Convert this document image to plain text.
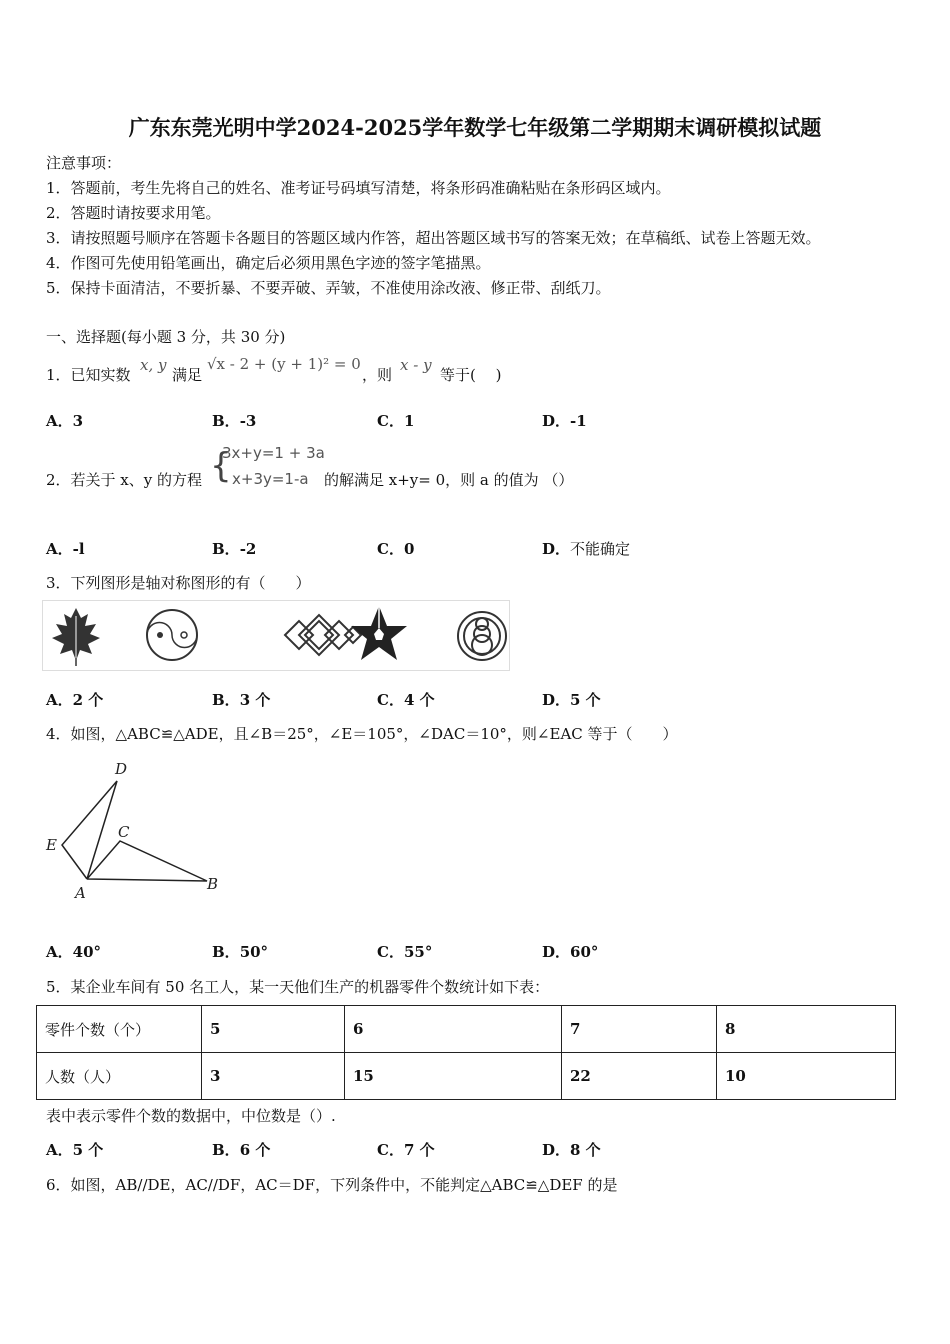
广东东莞光明中学2024-2025学年数学七年级第二学期期末调研模拟试题
注意事项：
1．答题前，考生先将自己的姓名、准考证号码填写清楚，将条形码准确粘贴在条形码区域内。
2．答题时请按要求用笔。
3．请按照题号顺序在答题卡各题目的答题区域内作答，超出答题区域书写的答案无效；在草稿纸、试卷上答题无效。
4．作图可先使用铅笔画出，确定后必须用黑色字迹的签字笔描黑。
5．保持卡面清洁，不要折暴、不要弄破、弄皱，不准使用涂改液、修正带、刮纸刀。
一、选择题(每小题 3 分，共 30 分)
1．已知实数
x, y
满足
√x - 2 + (y + 1)² = 0
，则
x - y
等于(　 )
A．3	B．-3	C．1	D．-1
2．若关于 x、y 的方程 {
3x+y=1 + 3a
x+3y=1-a 的解满足 x+y= 0，则 a 的值为 （）
A．-l	B．-2	C．0	D．不能确定
3．下列图形是轴对称图形的有（　　）
A．2 个	B．3 个	C．4 个	D．5 个
4．如图，△ABC≌△ADE，且∠B＝25°，∠E＝105°，∠DAC＝10°，则∠EAC 等于（　　）
D
E
C
A	B
A．40°	B．50°	C．55°	D．60°
5．某企业车间有 50 名工人，某一天他们生产的机器零件个数统计如下表：
零件个数（个）	5	6	7	8
人数（人）	3	15	22	10
表中表示零件个数的数据中，中位数是（）.
A．5 个	B．6 个	C．7 个	D．8 个
6．如图，AB//DE，AC//DF，AC＝DF，下列条件中，不能判定△ABC≌△DEF 的是
